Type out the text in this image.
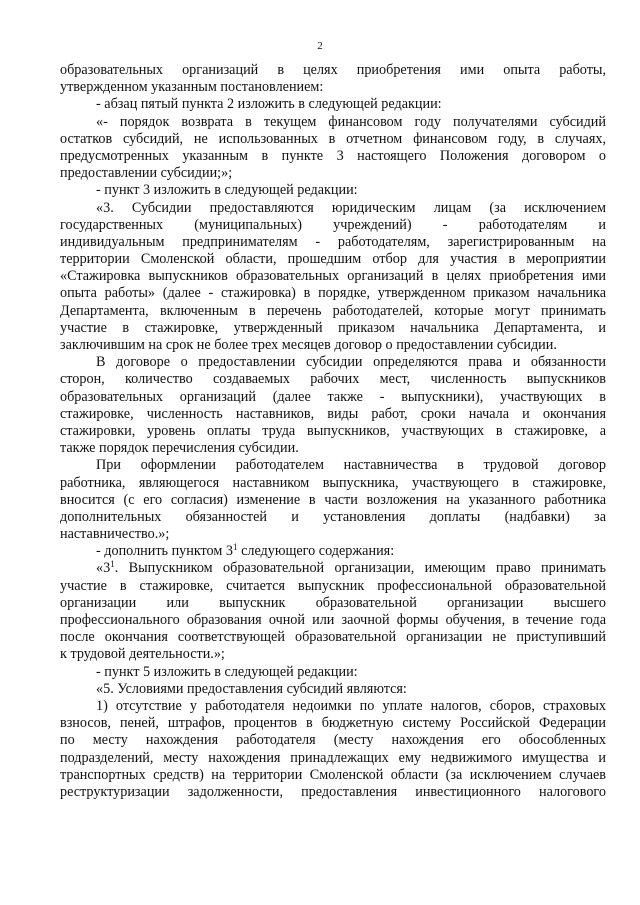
2
образовательных организаций в целях приобретения ими опыта работы,
утвержденном указанным постановлением:
- абзац пятый пункта 2 изложить в следующей редакции:
«- порядок возврата в текущем финансовом году получателями субсидий
остатков субсидий, не использованных в отчетном финансовом году, в случаях,
предусмотренных указанным в пункте 3 настоящего Положения договором о
предоставлении субсидии;»;
- пункт 3 изложить в следующей редакции:
«3. Субсидии предоставляются юридическим лицам (за исключением
государственных (муниципальных) учреждений) - работодателям и
индивидуальным предпринимателям - работодателям, зарегистрированным на
территории Смоленской области, прошедшим отбор для участия в мероприятии
«Стажировка выпускников образовательных организаций в целях приобретения ими
опыта работы» (далее - стажировка) в порядке, утвержденном приказом начальника
Департамента, включенным в перечень работодателей, которые могут принимать
участие в стажировке, утвержденный приказом начальника Департамента, и
заключившим на срок не более трех месяцев договор о предоставлении субсидии.
В договоре о предоставлении субсидии определяются права и обязанности
сторон, количество создаваемых рабочих мест, численность выпускников
образовательных организаций (далее также - выпускники), участвующих в
стажировке, численность наставников, виды работ, сроки начала и окончания
стажировки, уровень оплаты труда выпускников, участвующих в стажировке, а
также порядок перечисления субсидии.
При оформлении работодателем наставничества в трудовой договор
работника, являющегося наставником выпускника, участвующего в стажировке,
вносится (с его согласия) изменение в части возложения на указанного работника
дополнительных обязанностей и установления доплаты (надбавки) за
наставничество.»;
- дополнить пунктом $3^1$ следующего содержания:
«$3^1$. Выпускником образовательной организации, имеющим право принимать
участие в стажировке, считается выпускник профессиональной образовательной
организации или выпускник образовательной организации высшего
профессионального образования очной или заочной формы обучения, в течение года
после окончания соответствующей образовательной организации не приступивший
к трудовой деятельности.»;
- пункт 5 изложить в следующей редакции:
«5. Условиями предоставления субсидий являются:
1) отсутствие у работодателя недоимки по уплате налогов, сборов, страховых
взносов, пеней, штрафов, процентов в бюджетную систему Российской Федерации
по месту нахождения работодателя (месту нахождения его обособленных
подразделений, месту нахождения принадлежащих ему недвижимого имущества и
транспортных средств) на территории Смоленской области (за исключением случаев
реструктуризации задолженности, предоставления инвестиционного налогового
